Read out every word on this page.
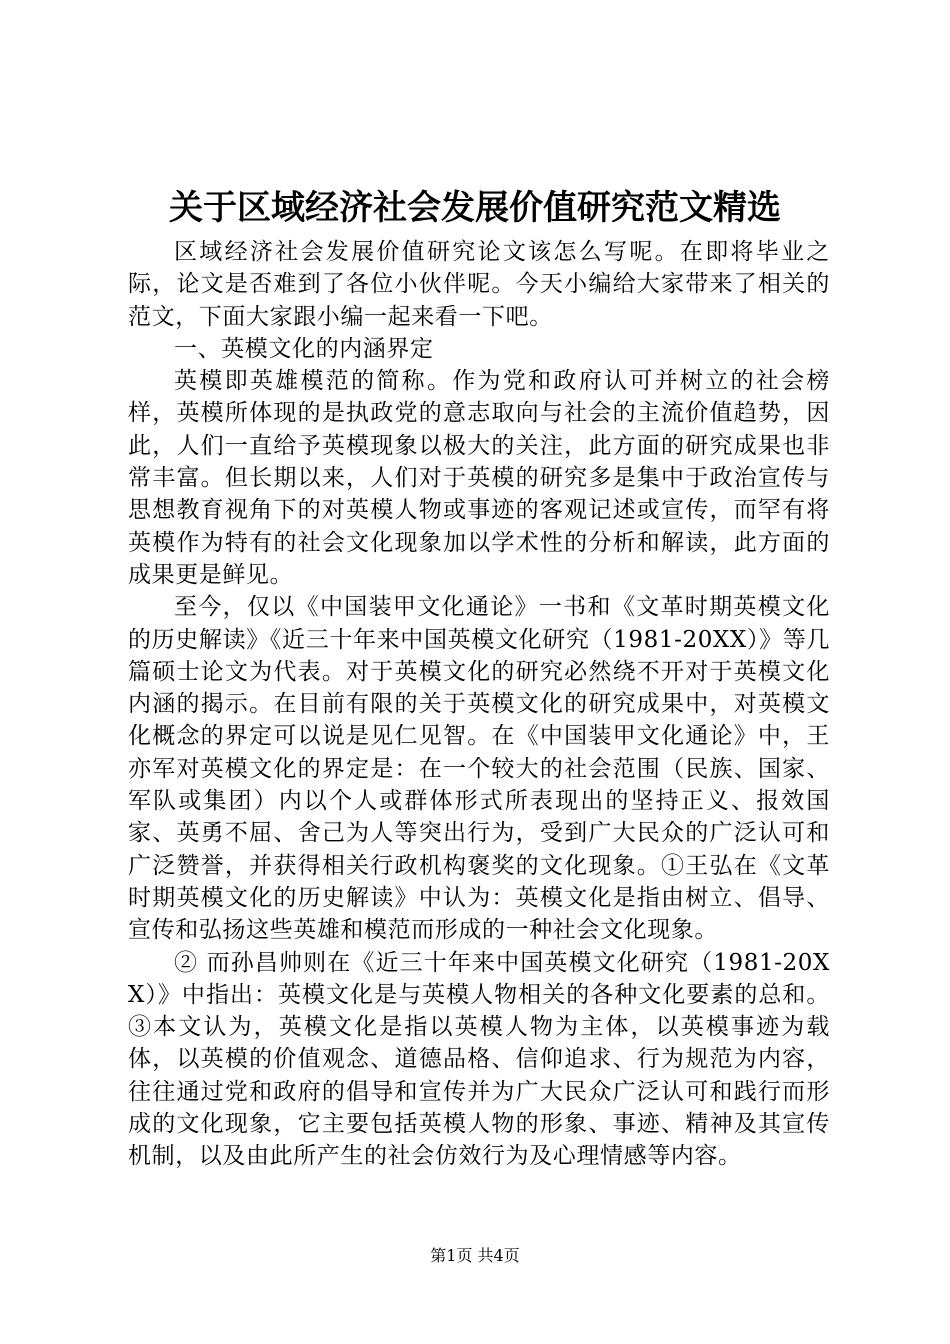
关于区域经济社会发展价值研究范文精选

区域经济社会发展价值研究论文该怎么写呢。在即将毕业之际，论文是否难到了各位小伙伴呢。今天小编给大家带来了相关的范文，下面大家跟小编一起来看一下吧。

一、英模文化的内涵界定

英模即英雄模范的简称。作为党和政府认可并树立的社会榜样，英模所体现的是执政党的意志取向与社会的主流价值趋势，因此，人们一直给予英模现象以极大的关注，此方面的研究成果也非常丰富。但长期以来，人们对于英模的研究多是集中于政治宣传与思想教育视角下的对英模人物或事迹的客观记述或宣传，而罕有将英模作为特有的社会文化现象加以学术性的分析和解读，此方面的成果更是鲜见。

至今，仅以《中国装甲文化通论》一书和《文革时期英模文化的历史解读》《近三十年来中国英模文化研究（1981-20XX）》等几篇硕士论文为代表。对于英模文化的研究必然绕不开对于英模文化内涵的揭示。在目前有限的关于英模文化的研究成果中，对英模文化概念的界定可以说是见仁见智。在《中国装甲文化通论》中，王亦军对英模文化的界定是：在一个较大的社会范围（民族、国家、军队或集团）内以个人或群体形式所表现出的坚持正义、报效国家、英勇不屈、舍己为人等突出行为，受到广大民众的广泛认可和广泛赞誉，并获得相关行政机构褒奖的文化现象。①王弘在《文革时期英模文化的历史解读》中认为：英模文化是指由树立、倡导、宣传和弘扬这些英雄和模范而形成的一种社会文化现象。

② 而孙昌帅则在《近三十年来中国英模文化研究（1981-20XX）》中指出：英模文化是与英模人物相关的各种文化要素的总和。③本文认为，英模文化是指以英模人物为主体，以英模事迹为载体，以英模的价值观念、道德品格、信仰追求、行为规范为内容，往往通过党和政府的倡导和宣传并为广大民众广泛认可和践行而形成的文化现象，它主要包括英模人物的形象、事迹、精神及其宣传机制，以及由此所产生的社会仿效行为及心理情感等内容。

第1页 共4页
